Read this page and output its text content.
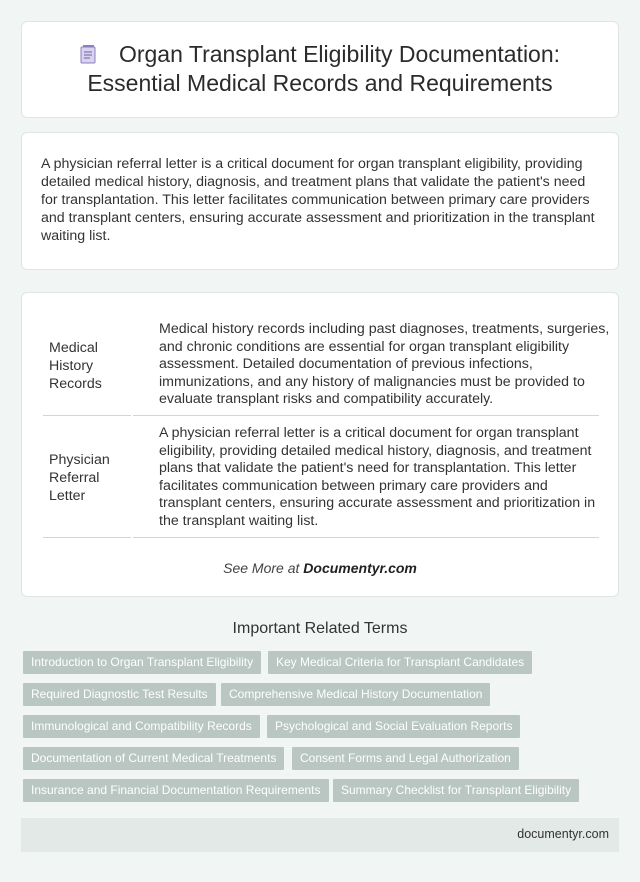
Organ Transplant Eligibility Documentation:
Essential Medical Records and Requirements

A physician referral letter is a critical document for organ transplant eligibility, providing detailed medical history, diagnosis, and treatment plans that validate the patient's need for transplantation. This letter facilitates communication between primary care providers and transplant centers, ensuring accurate assessment and prioritization in the transplant waiting list.

Medical History Records
Medical history records including past diagnoses, treatments, surgeries, and chronic conditions are essential for organ transplant eligibility assessment. Detailed documentation of previous infections, immunizations, and any history of malignancies must be provided to evaluate transplant risks and compatibility accurately.
Physician Referral Letter
A physician referral letter is a critical document for organ transplant eligibility, providing detailed medical history, diagnosis, and treatment plans that validate the patient's need for transplantation. This letter facilitates communication between primary care providers and transplant centers, ensuring accurate assessment and prioritization in the transplant waiting list.
See More at Documentyr.com
Important Related Terms
Introduction to Organ Transplant Eligibility	Key Medical Criteria for Transplant Candidates
Required Diagnostic Test Results	Comprehensive Medical History Documentation
Immunological and Compatibility Records	Psychological and Social Evaluation Reports
Documentation of Current Medical Treatments	Consent Forms and Legal Authorization
Insurance and Financial Documentation Requirements	Summary Checklist for Transplant Eligibility
documentyr.com
